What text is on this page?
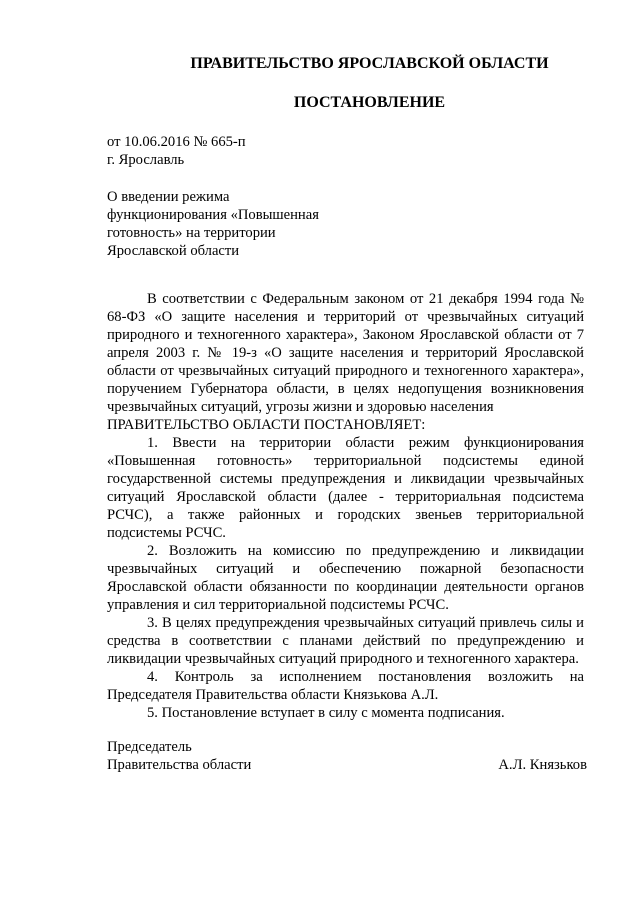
ПРАВИТЕЛЬСТВО ЯРОСЛАВСКОЙ ОБЛАСТИ
ПОСТАНОВЛЕНИЕ
от 10.06.2016 № 665-п
г. Ярославль
О введении режима
функционирования «Повышенная
готовность» на территории
Ярославской области

В соответствии с Федеральным законом от 21 декабря 1994 года № 68-ФЗ «О защите населения и территорий от чрезвычайных ситуаций природного и техногенного характера», Законом Ярославской области от 7 апреля 2003 г. № 19-з «О защите населения и территорий Ярославской области от чрезвычайных ситуаций природного и техногенного характера», поручением Губернатора области, в целях недопущения возникновения чрезвычайных ситуаций, угрозы жизни и здоровью населения

ПРАВИТЕЛЬСТВО ОБЛАСТИ ПОСТАНОВЛЯЕТ:

1. Ввести на территории области режим функционирования «Повышенная готовность» территориальной подсистемы единой государственной системы предупреждения и ликвидации чрезвычайных ситуаций Ярославской области (далее - территориальная подсистема РСЧС), а также районных и городских звеньев территориальной подсистемы РСЧС.

2. Возложить на комиссию по предупреждению и ликвидации чрезвычайных ситуаций и обеспечению пожарной безопасности Ярославской области обязанности по координации деятельности органов управления и сил территориальной подсистемы РСЧС.

3. В целях предупреждения чрезвычайных ситуаций привлечь силы и средства в соответствии с планами действий по предупреждению и ликвидации чрезвычайных ситуаций природного и техногенного характера.

4. Контроль за исполнением постановления возложить на Председателя Правительства области Князькова А.Л.

5. Постановление вступает в силу с момента подписания.

Председатель
Правительства области	А.Л. Князьков
